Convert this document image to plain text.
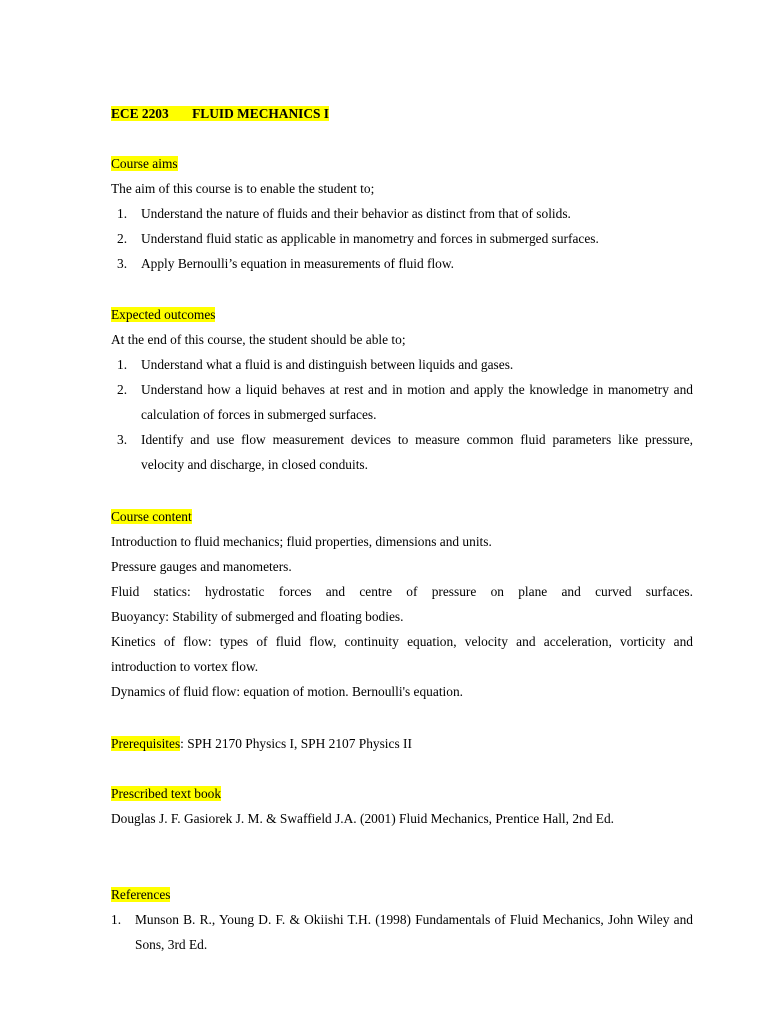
ECE 2203 FLUID MECHANICS I
Course aims
The aim of this course is to enable the student to;
1. Understand the nature of fluids and their behavior as distinct from that of solids.
2. Understand fluid static as applicable in manometry and forces in submerged surfaces.
3. Apply Bernoulli’s equation in measurements of fluid flow.
Expected outcomes
At the end of this course, the student should be able to;
1. Understand what a fluid is and distinguish between liquids and gases.
2. Understand how a liquid behaves at rest and in motion and apply the knowledge in manometry and calculation of forces in submerged surfaces.
3. Identify and use flow measurement devices to measure common fluid parameters like pressure, velocity and discharge, in closed conduits.
Course content
Introduction to fluid mechanics; fluid properties, dimensions and units.
Pressure gauges and manometers.
Fluid statics: hydrostatic forces and centre of pressure on plane and curved surfaces.
Buoyancy: Stability of submerged and floating bodies.
Kinetics of flow: types of fluid flow, continuity equation, velocity and acceleration, vorticity and introduction to vortex flow.
Dynamics of fluid flow: equation of motion. Bernoulli's equation.
Prerequisites: SPH 2170 Physics I, SPH 2107 Physics II
Prescribed text book
Douglas J. F. Gasiorek J. M. & Swaffield J.A. (2001) Fluid Mechanics, Prentice Hall, 2nd Ed.
References
1. Munson B. R., Young D. F. & Okiishi T.H. (1998) Fundamentals of Fluid Mechanics, John Wiley and Sons, 3rd Ed.
